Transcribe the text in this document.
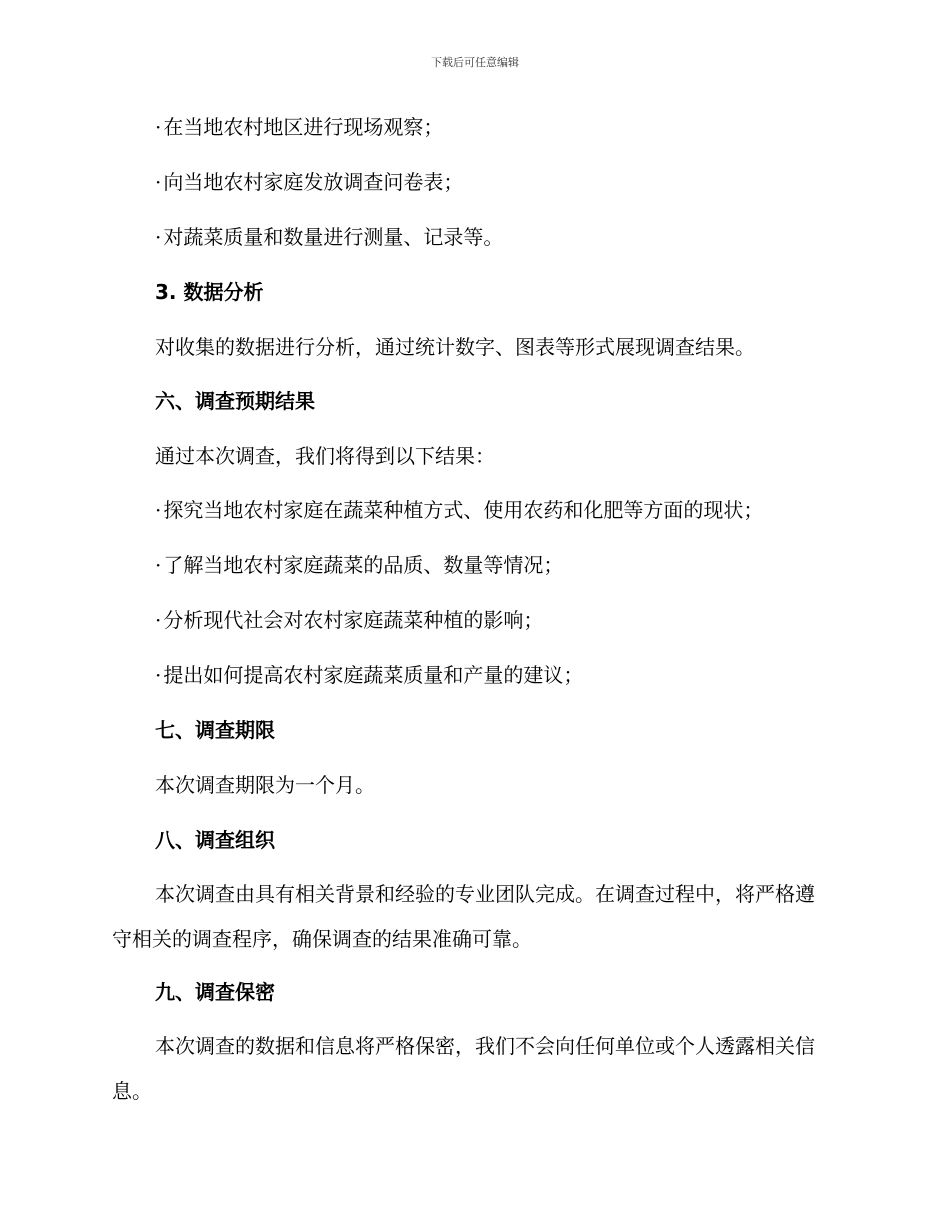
下载后可任意编辑
· 在当地农村地区进行现场观察；
· 向当地农村家庭发放调查问卷表；
· 对蔬菜质量和数量进行测量、记录等。
3. 数据分析
对收集的数据进行分析，通过统计数字、图表等形式展现调查结果。
六、调查预期结果
通过本次调查，我们将得到以下结果：
· 探究当地农村家庭在蔬菜种植方式、使用农药和化肥等方面的现状；
· 了解当地农村家庭蔬菜的品质、数量等情况；
· 分析现代社会对农村家庭蔬菜种植的影响；
· 提出如何提高农村家庭蔬菜质量和产量的建议；
七、调查期限
本次调查期限为一个月。
八、调查组织
本次调查由具有相关背景和经验的专业团队完成。在调查过程中，将严格遵守相关的调查程序，确保调查的结果准确可靠。
九、调查保密
本次调查的数据和信息将严格保密，我们不会向任何单位或个人透露相关信息。
